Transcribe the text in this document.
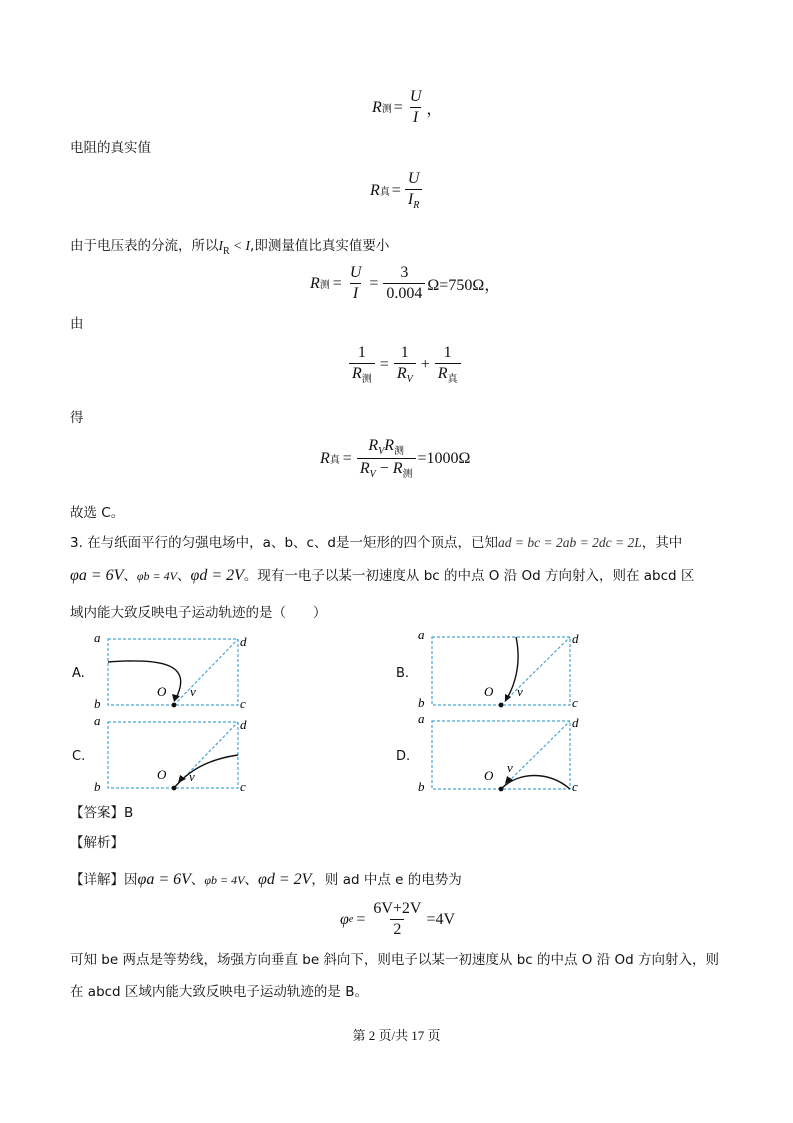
R 测 = $\frac{U}{I}$ ，
电阻的真实值
R 真 = $\frac{U}{I_R}$
由于电压表的分流，所以$I_R < I$,即测量值比真实值要小
R 测 = $\frac{U}{I} = \frac{3}{0.004} \Omega=750\Omega$，
由
$\frac{1}{R_测} = \frac{1}{R_V} + \frac{1}{R_真}$
得
R 真 = $\frac{R_VR_测}{R_V - R_测} =1000\Omega$
故选 C。
3. 在与纸面平行的匀强电场中，a、b、c、d是一矩形的四个顶点，已知ad = bc = 2ab = 2dc = 2L，其中
φa = 6V、φb = 4V、φd = 2V。现有一电子以某一初速度从 bc 的中点 O 沿 Od 方向射入，则在 abcd 区
域内能大致反映电子运动轨迹的是（　　）
A.
a
b
d
c
O v
B.
a
b
d
c
O v
C.
a
b
d
c
O v
D.
a
b
d
c
O
v
【答案】B
【解析】
【详解】因φa = 6V、φb = 4V、φd = 2V，则 ad 中点 e 的电势为
φ $e = \frac{6V+2V}{2} =4V$
可知 be 两点是等势线，场强方向垂直 be 斜向下，则电子以某一初速度从 bc 的中点 O 沿 Od 方向射入，则
在 abcd 区域内能大致反映电子运动轨迹的是 B。
第 2 页/共 17 页
